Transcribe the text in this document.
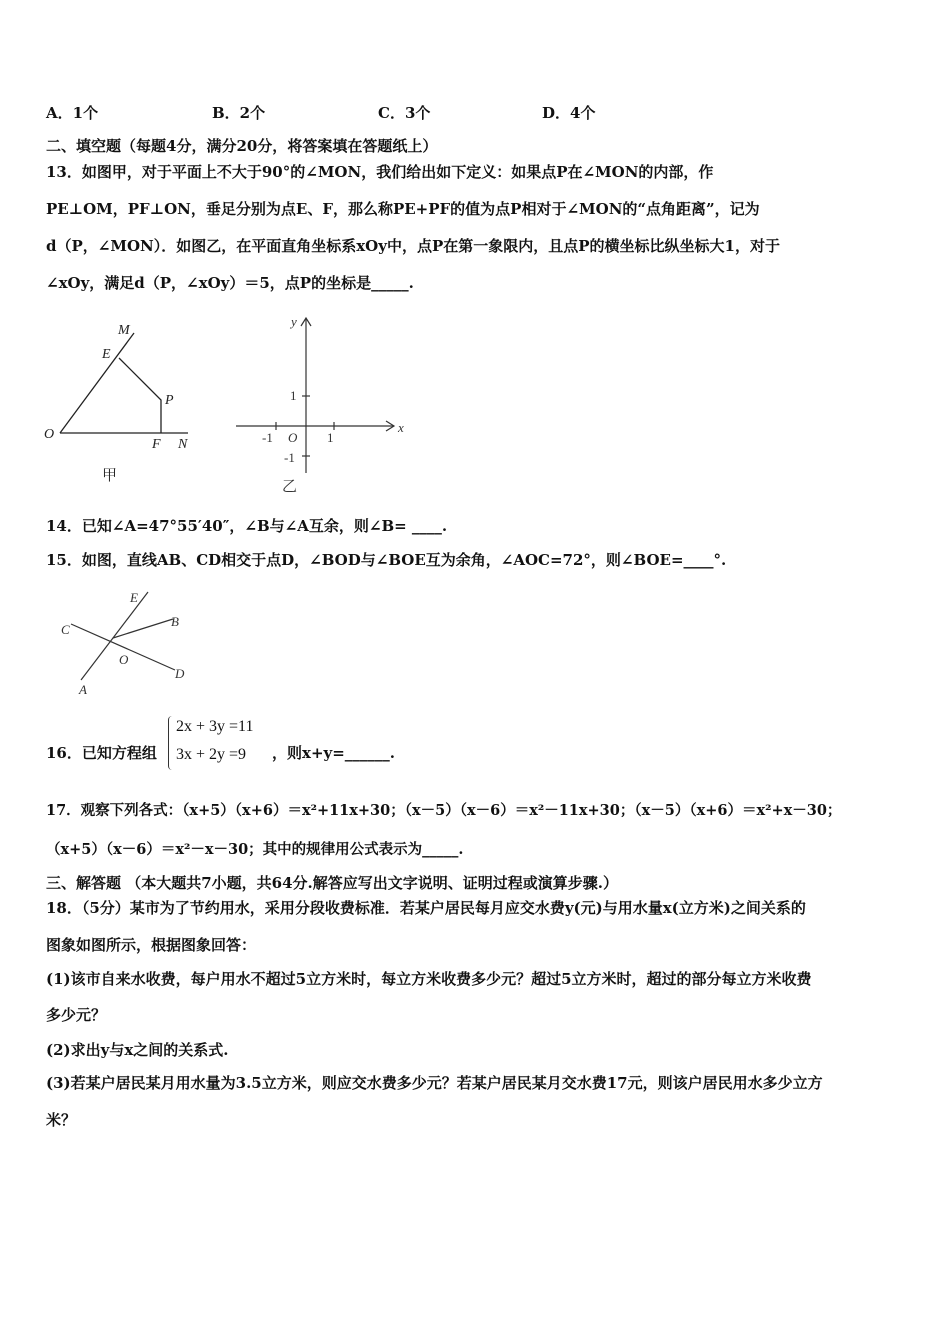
A．1个	B．2个	C．3个	D．4个
二、填空题（每题4分，满分20分，将答案填在答题纸上）
13．如图甲，对于平面上不大于90°的∠MON，我们给出如下定义：如果点P在∠MON的内部，作
PE⊥OM，PF⊥ON，垂足分别为点E、F，那么称PE+PF的值为点P相对于∠MON的“点角距离”，记为
d（P，∠MON）．如图乙，在平面直角坐标系xOy中，点P在第一象限内，且点P的横坐标比纵坐标大1，对于
∠xOy，满足d（P，∠xOy）＝5，点P的坐标是_____.
M
E
P
O
F N
甲
y
x
1
-1 O 1
-1
乙
14．已知∠A=47°55′40″，∠B与∠A互余，则∠B= ____.
15．如图，直线AB、CD相交于点D，∠BOD与∠BOE互为余角，∠AOC=72°，则∠BOE=____°.
E
C
B
O
A
D
16．已知方程组
2x + 3y =11
3x + 2y =9 ，则x+y=______.
17．观察下列各式：（x+5）（x+6）＝x²+11x+30；（x－5）（x－6）＝x²－11x+30；（x－5）（x+6）＝x²+x－30；
（x+5）（x－6）＝x²－x－30；其中的规律用公式表示为_____.
三、解答题 （本大题共7小题，共64分.解答应写出文字说明、证明过程或演算步骤.）
18．（5分）某市为了节约用水，采用分段收费标准．若某户居民每月应交水费y(元)与用水量x(立方米)之间关系的
图象如图所示，根据图象回答：
(1)该市自来水收费，每户用水不超过5立方米时，每立方米收费多少元？超过5立方米时，超过的部分每立方米收费
多少元？
(2)求出y与x之间的关系式.
(3)若某户居民某月用水量为3.5立方米，则应交水费多少元？若某户居民某月交水费17元，则该户居民用水多少立方
米？
